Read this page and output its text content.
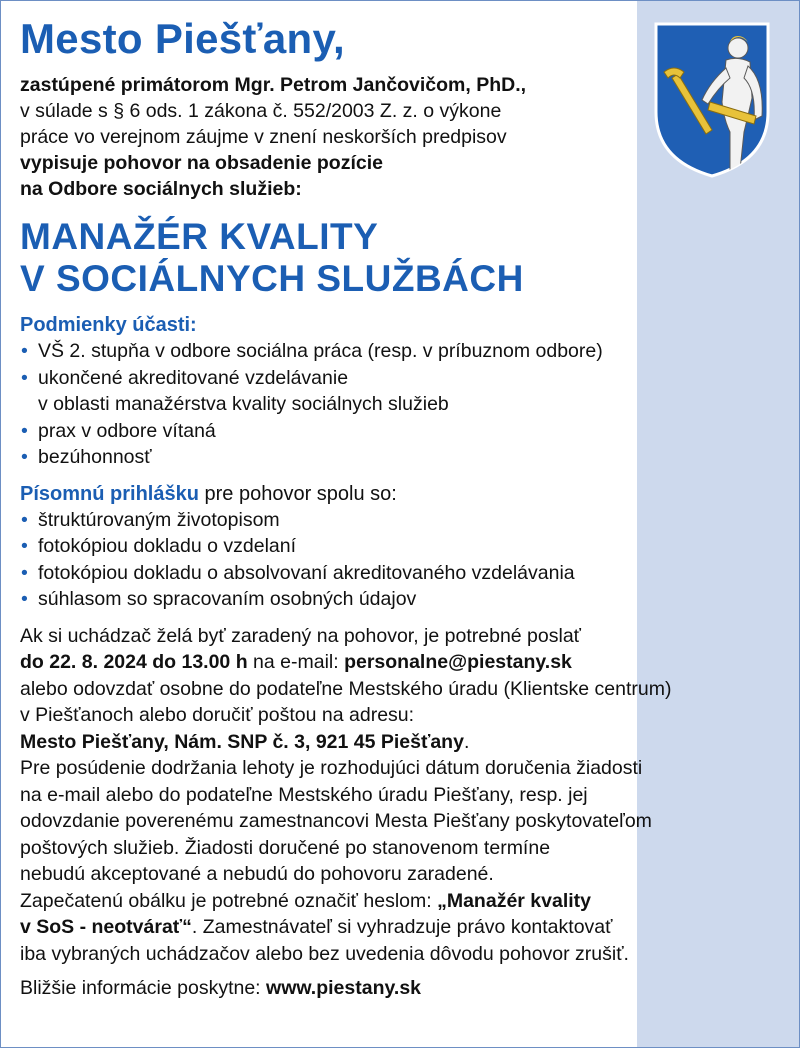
Mesto Piešťany,
zastúpené primátorom Mgr. Petrom Jančovičom, PhD.,
v súlade s § 6 ods. 1 zákona č. 552/2003 Z. z. o výkone
práce vo verejnom záujme v znení neskorších predpisov
vypisuje pohovor na obsadenie pozície
na Odbore sociálnych služieb:
MANAŽÉR KVALITY
V SOCIÁLNYCH SLUŽBÁCH
Podmienky účasti:
• VŠ 2. stupňa v odbore sociálna práca (resp. v príbuznom odbore)
• ukončené akreditované vzdelávanie
v oblasti manažérstva kvality sociálnych služieb
• prax v odbore vítaná
• bezúhonnosť
Písomnú prihlášku pre pohovor spolu so:
• štruktúrovaným životopisom
• fotokópiou dokladu o vzdelaní
• fotokópiou dokladu o absolvovaní akreditovaného vzdelávania
• súhlasom so spracovaním osobných údajov
Ak si uchádzač želá byť zaradený na pohovor, je potrebné poslať
do 22. 8. 2024 do 13.00 h na e-mail: personalne@piestany.sk
alebo odovzdať osobne do podateľne Mestského úradu (Klientske centrum)
v Piešťanoch alebo doručiť poštou na adresu:
Mesto Piešťany, Nám. SNP č. 3, 921 45 Piešťany.
Pre posúdenie dodržania lehoty je rozhodujúci dátum doručenia žiadosti
na e-mail alebo do podateľne Mestského úradu Piešťany, resp. jej
odovzdanie poverenému zamestnancovi Mesta Piešťany poskytovateľom
poštových služieb. Žiadosti doručené po stanovenom termíne
nebudú akceptované a nebudú do pohovoru zaradené.
Zapečatenú obálku je potrebné označiť heslom: „Manažér kvality
v SoS - neotvárať“. Zamestnávateľ si vyhradzuje právo kontaktovať
iba vybraných uchádzačov alebo bez uvedenia dôvodu pohovor zrušiť.
Bližšie informácie poskytne: www.piestany.sk
